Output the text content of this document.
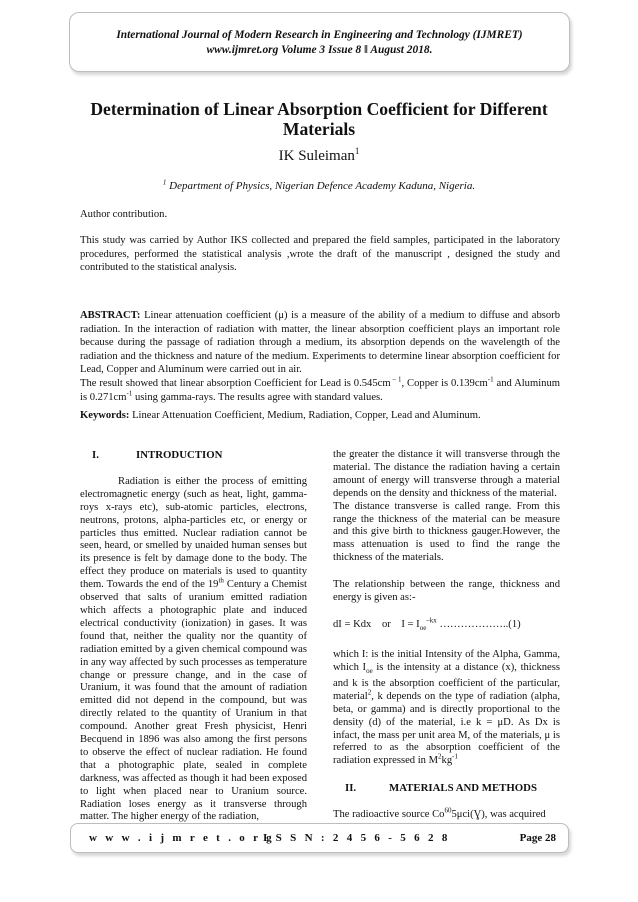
International Journal of Modern Research in Engineering and Technology (IJMRET)
www.ijmret.org Volume 3 Issue 8 ǁ August 2018.
Determination of Linear Absorption Coefficient for Different Materials
IK Suleiman$^1$
$^1$ Department of Physics, Nigerian Defence Academy Kaduna, Nigeria.
Author contribution.
This study was carried by Author IKS collected and prepared the field samples, participated in the laboratory procedures, performed the statistical analysis ,wrote the draft of the manuscript , designed the study and contributed to the statistical analysis.
ABSTRACT: Linear attenuation coefficient (μ) is a measure of the ability of a medium to diffuse and absorb radiation. In the interaction of radiation with matter, the linear absorption coefficient plays an important role because during the passage of radiation through a medium, its absorption depends on the wavelength of the radiation and the thickness and nature of the medium. Experiments to determine linear absorption coefficient for Lead, Copper and Aluminum were carried out in air.
The result showed that linear absorption Coefficient for Lead is 0.545cm $^{- 1}$, Copper is $0.139cm^{-1}$ and Aluminum is $0.271cm^{-1}$ using gamma-rays. The results agree with standard values.
Keywords: Linear Attenuation Coefficient, Medium, Radiation, Copper, Lead and Aluminum.
I.	INTRODUCTION

Radiation is either the process of emitting electromagnetic energy (such as heat, light, gamma-roys x-rays etc), sub-atomic particles, electrons, neutrons, protons, alpha-particles etc, or energy or particles thus emitted. Nuclear radiation cannot be seen, heard, or smelled by unaided human senses but its presence is felt by damage done to the body. The effect they produce on materials is used to quantity them. Towards the end of the 19th Century a Chemist observed that salts of uranium emitted radiation which affects a photographic plate and induced electrical conductivity (ionization) in gases. It was found that, neither the quality nor the quantity of radiation emitted by a given chemical compound was in any way affected by such processes as temperature change or pressure change, and in the case of Uranium, it was found that the amount of radiation emitted did not depend in the compound, but was directly related to the quantity of Uranium in that compound. Another great Fresh physicist, Henri Becquend in 1896 was also among the first persons to observe the effect of nuclear radiation. He found that a photographic plate, sealed in complete darkness, was affected as though it had been exposed to light when placed near to Uranium source. Radiation loses energy as it transverse through matter. The higher energy of the radiation,

the greater the distance it will transverse through the material. The distance the radiation having a certain amount of energy will transverse through a material depends on the density and thickness of the material.

The distance transverse is called range. From this range the thickness of the material can be measure and this give birth to thickness gauger.However, the mass attenuation is used to find the range the thickness of the materials.

The relationship between the range, thickness and energy is given as:-

dI = Kdx or $I = I_{oe}^{-kx}$ ………………..(1)

which I: is the initial Intensity of the Alpha, Gamma, which $I_{oe}$ is the intensity at a distance (x), thickness and k is the absorption coefficient of the particular, material$^2$, k depends on the type of radiation (alpha, beta, or gamma) and is directly proportional to the density (d) of the material, i.e k = μD. As Dx is infact, the mass per unit area M, of the materials, μ is referred to as the absorption coefficient of the radiation expressed in $M^2kg^{-1}$

II.	MATERIALS AND METHODS

The radioactive source Co$^{60}$5μci(Ɣ), was acquired

w w w . i j m r e t . o r g
I S S N : 2 4 5 6 - 5 6 2 8	Page 28
